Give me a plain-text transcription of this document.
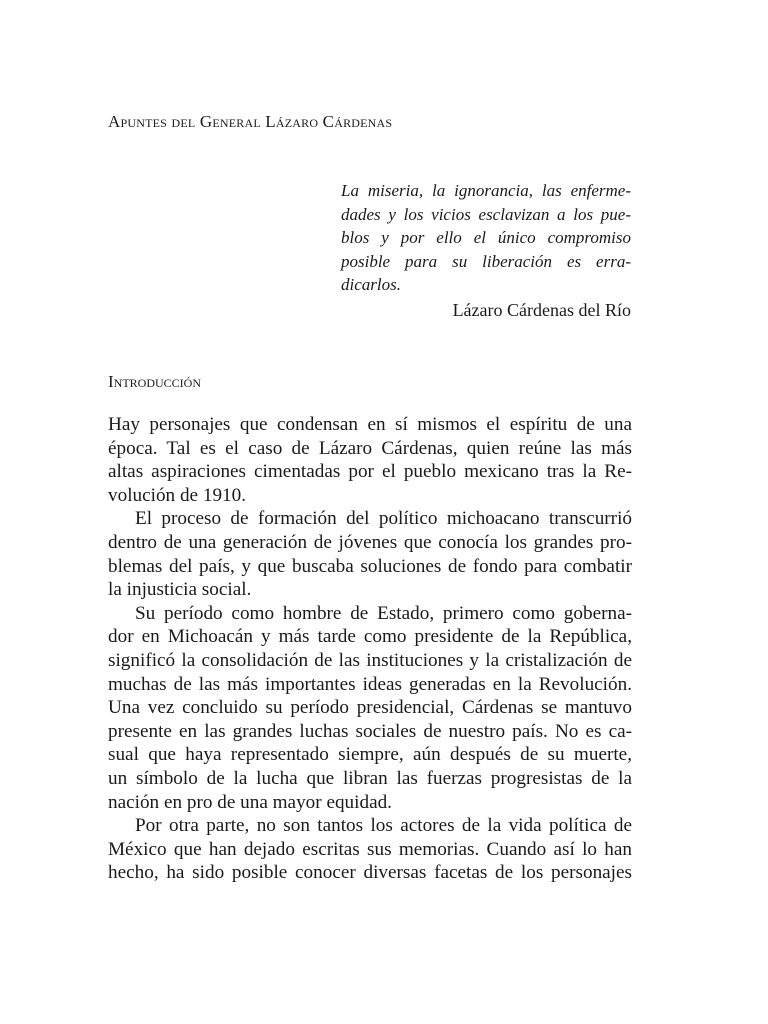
Apuntes del General Lázaro Cárdenas
La miseria, la ignorancia, las enferme-
dades y los vicios esclavizan a los pue-
blos y por ello el único compromiso
posible para su liberación es erra-
dicarlos.
Lázaro Cárdenas del Río
Introducción
Hay personajes que condensan en sí mismos el espíritu de una
época. Tal es el caso de Lázaro Cárdenas, quien reúne las más
altas aspiraciones cimentadas por el pueblo mexicano tras la Re-
volución de 1910.
El proceso de formación del político michoacano transcurrió
dentro de una generación de jóvenes que conocía los grandes pro-
blemas del país, y que buscaba soluciones de fondo para combatir
la injusticia social.
Su período como hombre de Estado, primero como goberna-
dor en Michoacán y más tarde como presidente de la República,
significó la consolidación de las instituciones y la cristalización de
muchas de las más importantes ideas generadas en la Revolución.
Una vez concluido su período presidencial, Cárdenas se mantuvo
presente en las grandes luchas sociales de nuestro país. No es ca-
sual que haya representado siempre, aún después de su muerte,
un símbolo de la lucha que libran las fuerzas progresistas de la
nación en pro de una mayor equidad.
Por otra parte, no son tantos los actores de la vida política de
México que han dejado escritas sus memorias. Cuando así lo han
hecho, ha sido posible conocer diversas facetas de los personajes
